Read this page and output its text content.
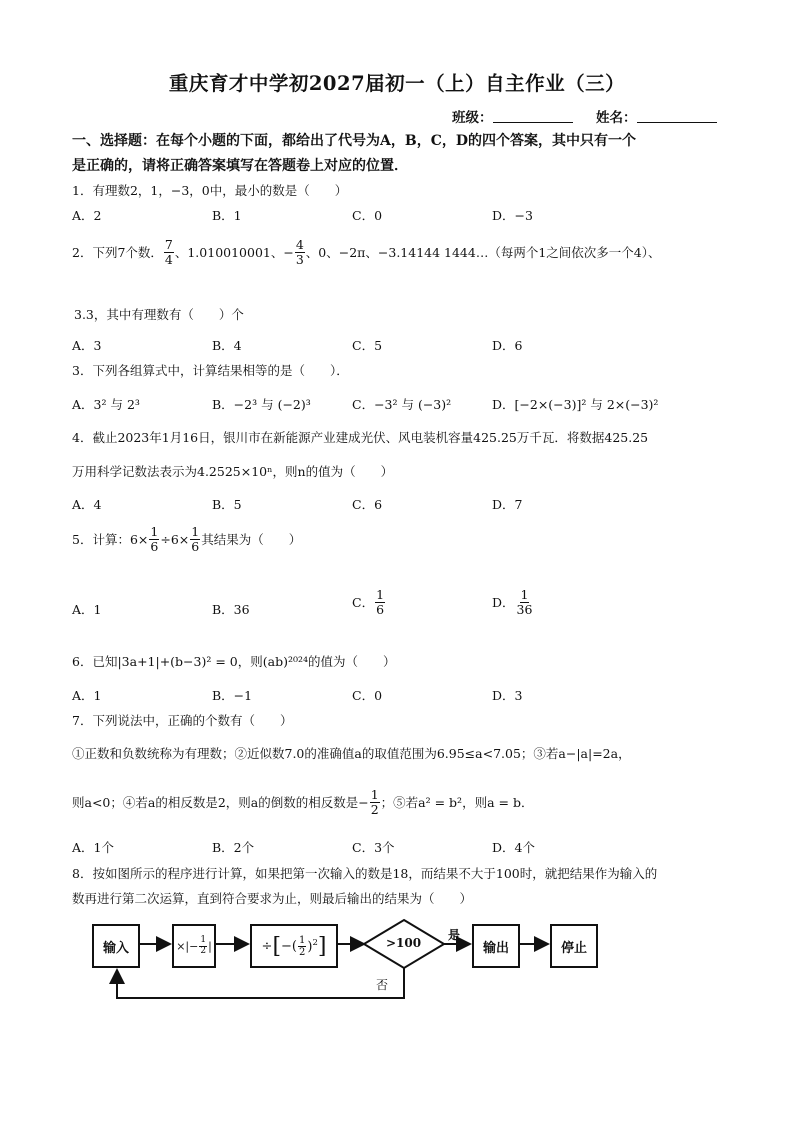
重庆育才中学初2027届初一（上）自主作业（三）
班级：	姓名：
一、选择题：在每个小题的下面，都给出了代号为A，B，C，D的四个答案，其中只有一个
是正确的，请将正确答案填写在答题卷上对应的位置．
1．有理数2，1，−3，0中，最小的数是（　　）
A．2	B．1	C．0	D．−3
2．下列7个数． $\frac{7}{4}$ 、1.010010001、− $\frac{4}{3}$ 、0、−2π、−3.14144 1444…（每两个1之间依次多一个4）、
3.3，其中有理数有（　　）个
A．3	B．4	C．5	D．6
3．下列各组算式中，计算结果相等的是（　　）．
A．3² 与 2³	B．−2³ 与 (−2)³	C．−3² 与 (−3)²	D．[−2×(−3)]² 与 2×(−3)²
4．截止2023年1月16日，银川市在新能源产业建成光伏、风电装机容量425.25万千瓦．将数据425.25
万用科学记数法表示为4.2525×10ⁿ，则n的值为（　　）
A．4	B．5	C．6	D．7
5．计算：$6\times \frac{1}{6} \div 6\times \frac{1}{6}$ 其结果为（　　）
A．1	B．36	C． $\frac{1}{6}$	D． $\frac{1}{36}$
6．已知|3a+1|+(b−3)² = 0，则(ab)²⁰²⁴的值为（　　）
A．1	B．−1	C．0	D．3
7．下列说法中，正确的个数有（　　）
①正数和负数统称为有理数；②近似数7.0的准确值a的取值范围为6.95≤a<7.05；③若a−|a|=2a，
则a<0；④若a的相反数是2，则a的倒数的相反数是− $\frac{1}{2}$ ；⑤若a² = b²，则a = b．
A．1个	B．2个	C．3个	D．4个
8．按如图所示的程序进行计算，如果把第一次输入的数是18，而结果不大于100时，就把结果作为输入的
数再进行第二次运算，直到符合要求为止，则最后输出的结果为（　　）
输入	×|− $\frac{1}{2}$ |	÷ [ −( $\frac{1}{2} )^2$ ]	>100
是
输出	停止
否
